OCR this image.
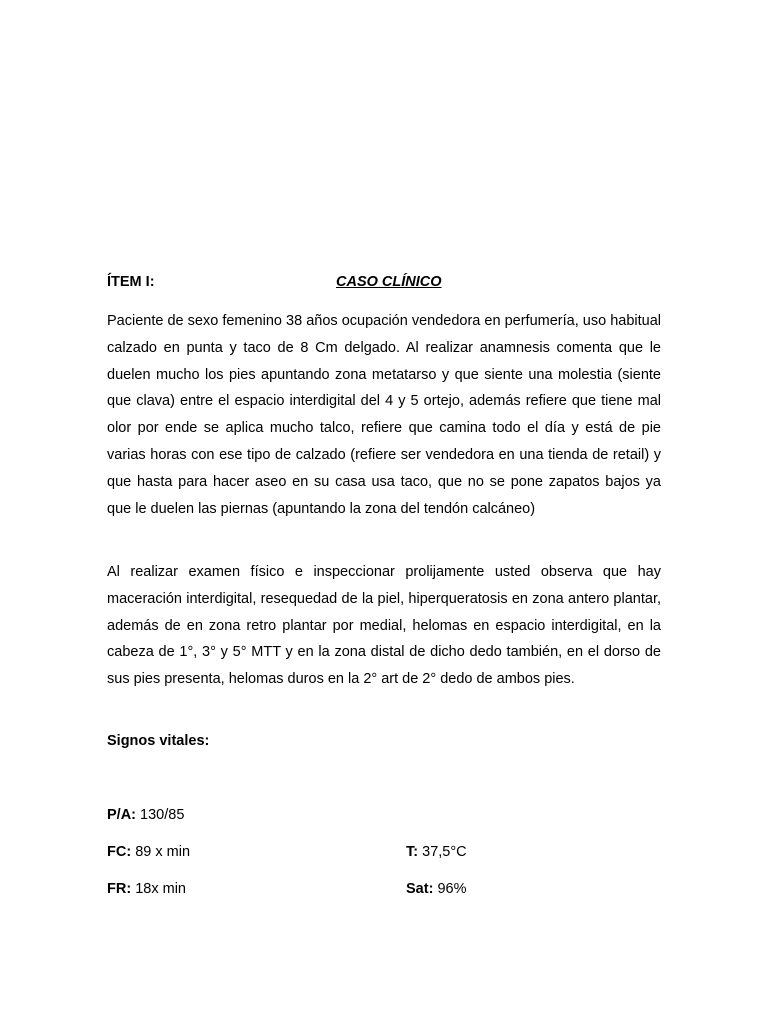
ÍTEM I:	CASO CLÍNICO

Paciente de sexo femenino 38 años ocupación vendedora en perfumería, uso habitual calzado en punta y taco de 8 Cm delgado. Al realizar anamnesis comenta que le duelen mucho los pies apuntando zona metatarso y que siente una molestia (siente que clava) entre el espacio interdigital del 4 y 5 ortejo, además refiere que tiene mal olor por ende se aplica mucho talco, refiere que camina todo el día y está de pie varias horas con ese tipo de calzado (refiere ser vendedora en una tienda de retail) y que hasta para hacer aseo en su casa usa taco, que no se pone zapatos bajos ya que le duelen las piernas (apuntando la zona del tendón calcáneo)

Al realizar examen físico e inspeccionar prolijamente usted observa que hay maceración interdigital, resequedad de la piel, hiperqueratosis en zona antero plantar, además de en zona retro plantar por medial, helomas en espacio interdigital, en la cabeza de 1°, 3° y 5° MTT y en la zona distal de dicho dedo también, en el dorso de sus pies presenta, helomas duros en la 2° art de 2° dedo de ambos pies.

Signos vitales:
P/A: 130/85
FC: 89 x min	T: 37,5°C
FR: 18x min	Sat: 96%
